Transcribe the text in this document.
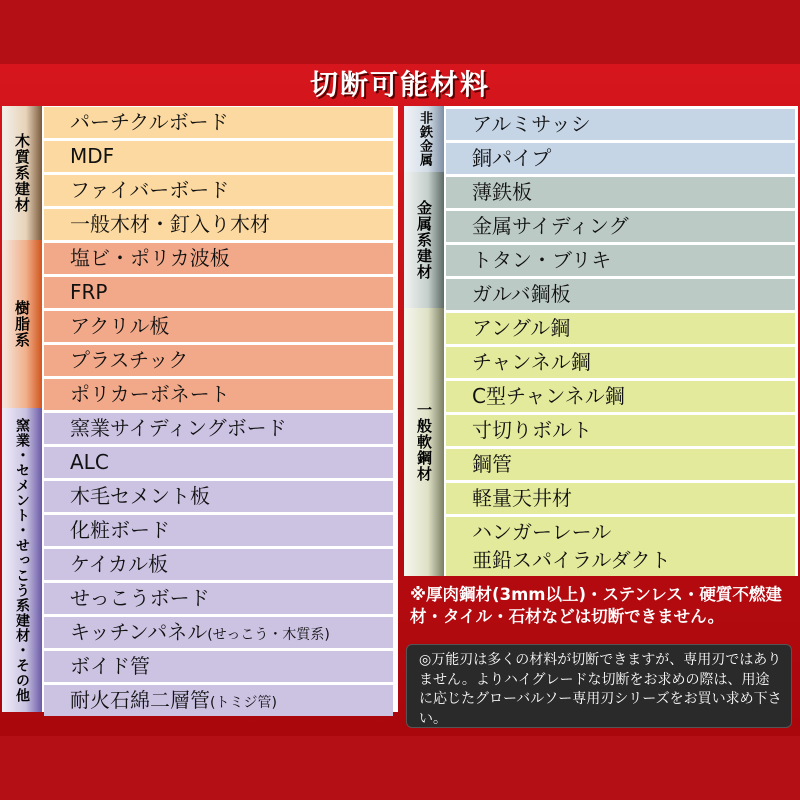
切断可能材料
木質系建材
樹脂系
窯業・セメント・せっこう系建材・その他
パーチクルボード
MDF
ファイバーボード
一般木材・釘入り木材
塩ビ・ポリカ波板
FRP
アクリル板
プラスチック
ポリカーボネート
窯業サイディングボード
ALC
木毛セメント板
化粧ボード
ケイカル板
せっこうボード
キッチンパネル(せっこう・木質系)
ボイド管
耐火石綿二層管(トミジ管)
非鉄金属
金属系建材
一般軟鋼材
アルミサッシ
銅パイプ
薄鉄板
金属サイディング
トタン・ブリキ
ガルバ鋼板
アングル鋼
チャンネル鋼
C型チャンネル鋼
寸切りボルト
鋼管
軽量天井材
ハンガーレール
亜鉛スパイラルダクト
※厚肉鋼材(3mm以上)・ステンレス・硬質不燃建材・タイル・石材などは切断できません。
◎万能刃は多くの材料が切断できますが、専用刃ではありません。よりハイグレードな切断をお求めの際は、用途に応じたグローバルソー専用刃シリーズをお買い求め下さい。
